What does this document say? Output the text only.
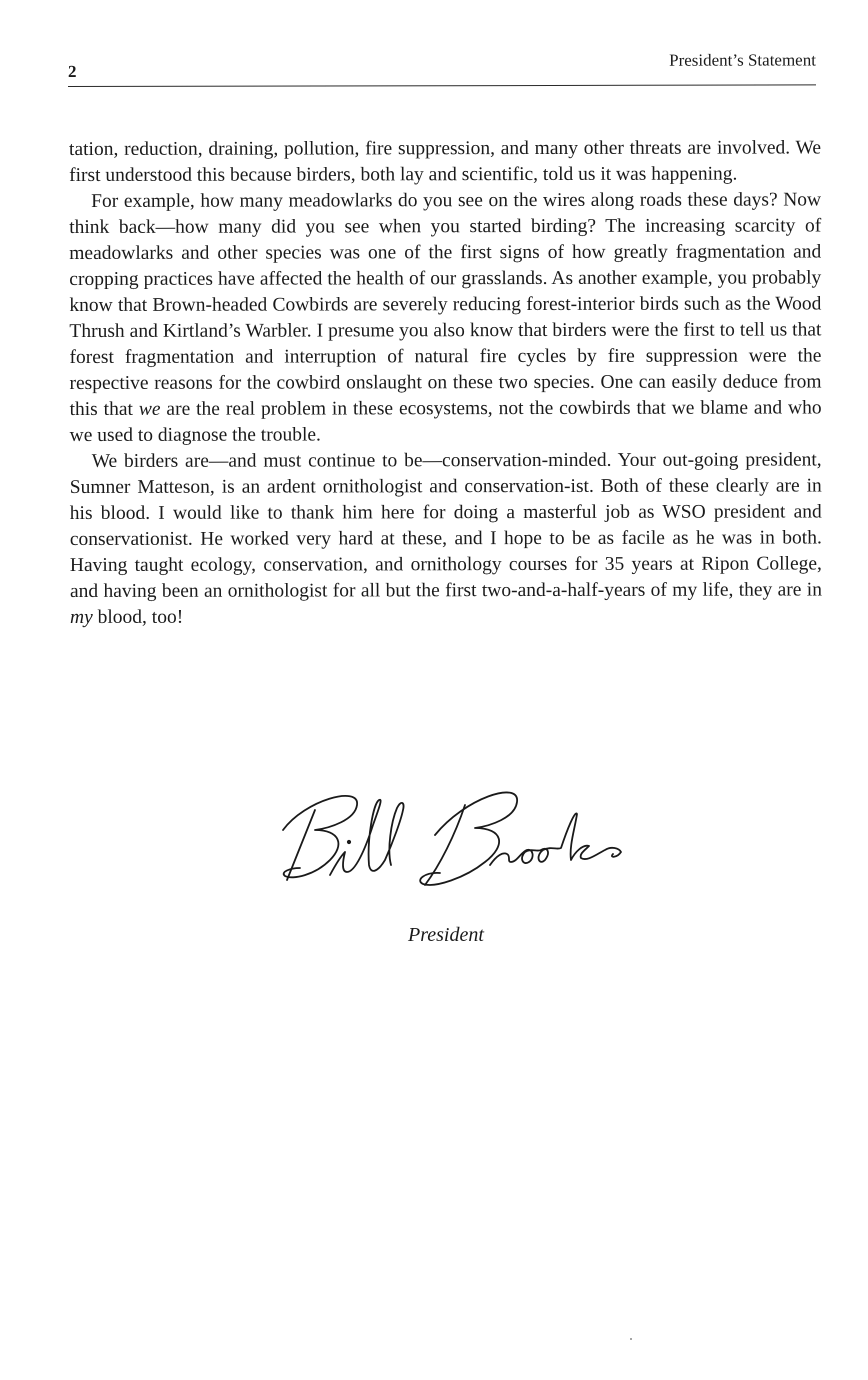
2
President’s Statement

tation, reduction, draining, pollution, fire suppression, and many other threats are involved. We first understood this because birders, both lay and scientific, told us it was happening.

For example, how many meadowlarks do you see on the wires along roads these days? Now think back—how many did you see when you started birding? The increasing scarcity of meadowlarks and other species was one of the first signs of how greatly fragmentation and cropping practices have affected the health of our grasslands. As another example, you probably know that Brown-headed Cowbirds are severely reducing forest-interior birds such as the Wood Thrush and Kirtland’s Warbler. I presume you also know that birders were the first to tell us that forest fragmentation and interruption of natural fire cycles by fire suppression were the respective reasons for the cowbird onslaught on these two species. One can easily deduce from this that we are the real problem in these ecosystems, not the cowbirds that we blame and who we used to diagnose the trouble.

We birders are—and must continue to be—conservation-minded. Your out-going president, Sumner Matteson, is an ardent ornithologist and conservation-ist. Both of these clearly are in his blood. I would like to thank him here for doing a masterful job as WSO president and conservationist. He worked very hard at these, and I hope to be as facile as he was in both. Having taught ecology, conservation, and ornithology courses for 35 years at Ripon College, and having been an ornithologist for all but the first two-and-a-half-years of my life, they are in my blood, too!

President
